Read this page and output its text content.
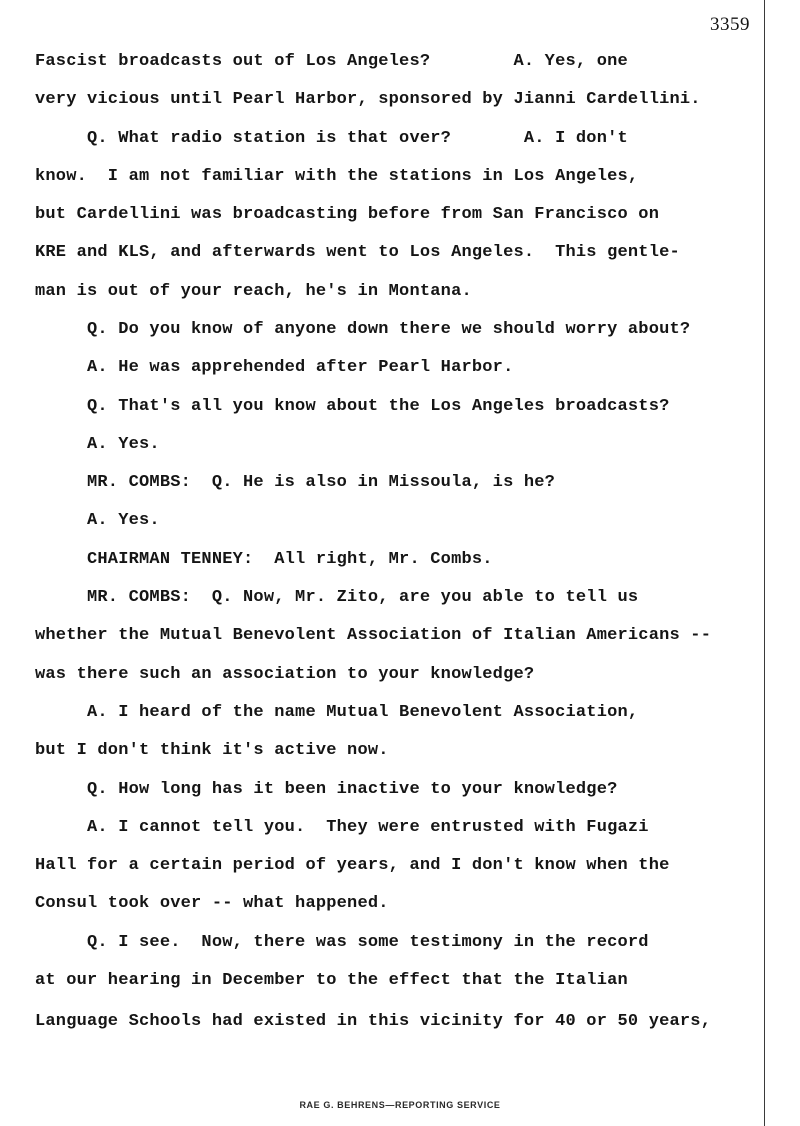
3359
Fascist broadcasts out of Los Angeles?        A. Yes, one
very vicious until Pearl Harbor, sponsored by Jianni Cardellini.
Q. What radio station is that over?       A. I don't
know.  I am not familiar with the stations in Los Angeles,
but Cardellini was broadcasting before from San Francisco on
KRE and KLS, and afterwards went to Los Angeles.  This gentle-
man is out of your reach, he's in Montana.
Q. Do you know of anyone down there we should worry about?
A. He was apprehended after Pearl Harbor.
Q. That's all you know about the Los Angeles broadcasts?
A. Yes.
MR. COMBS:  Q. He is also in Missoula, is he?
A. Yes.
CHAIRMAN TENNEY:  All right, Mr. Combs.
MR. COMBS:  Q. Now, Mr. Zito, are you able to tell us
whether the Mutual Benevolent Association of Italian Americans --
was there such an association to your knowledge?
A. I heard of the name Mutual Benevolent Association,
but I don't think it's active now.
Q. How long has it been inactive to your knowledge?
A. I cannot tell you.  They were entrusted with Fugazi
Hall for a certain period of years, and I don't know when the
Consul took over -- what happened.
Q. I see.  Now, there was some testimony in the record
at our hearing in December to the effect that the Italian
Language Schools had existed in this vicinity for 40 or 50 years,
RAE G. BEHRENS—REPORTING SERVICE
